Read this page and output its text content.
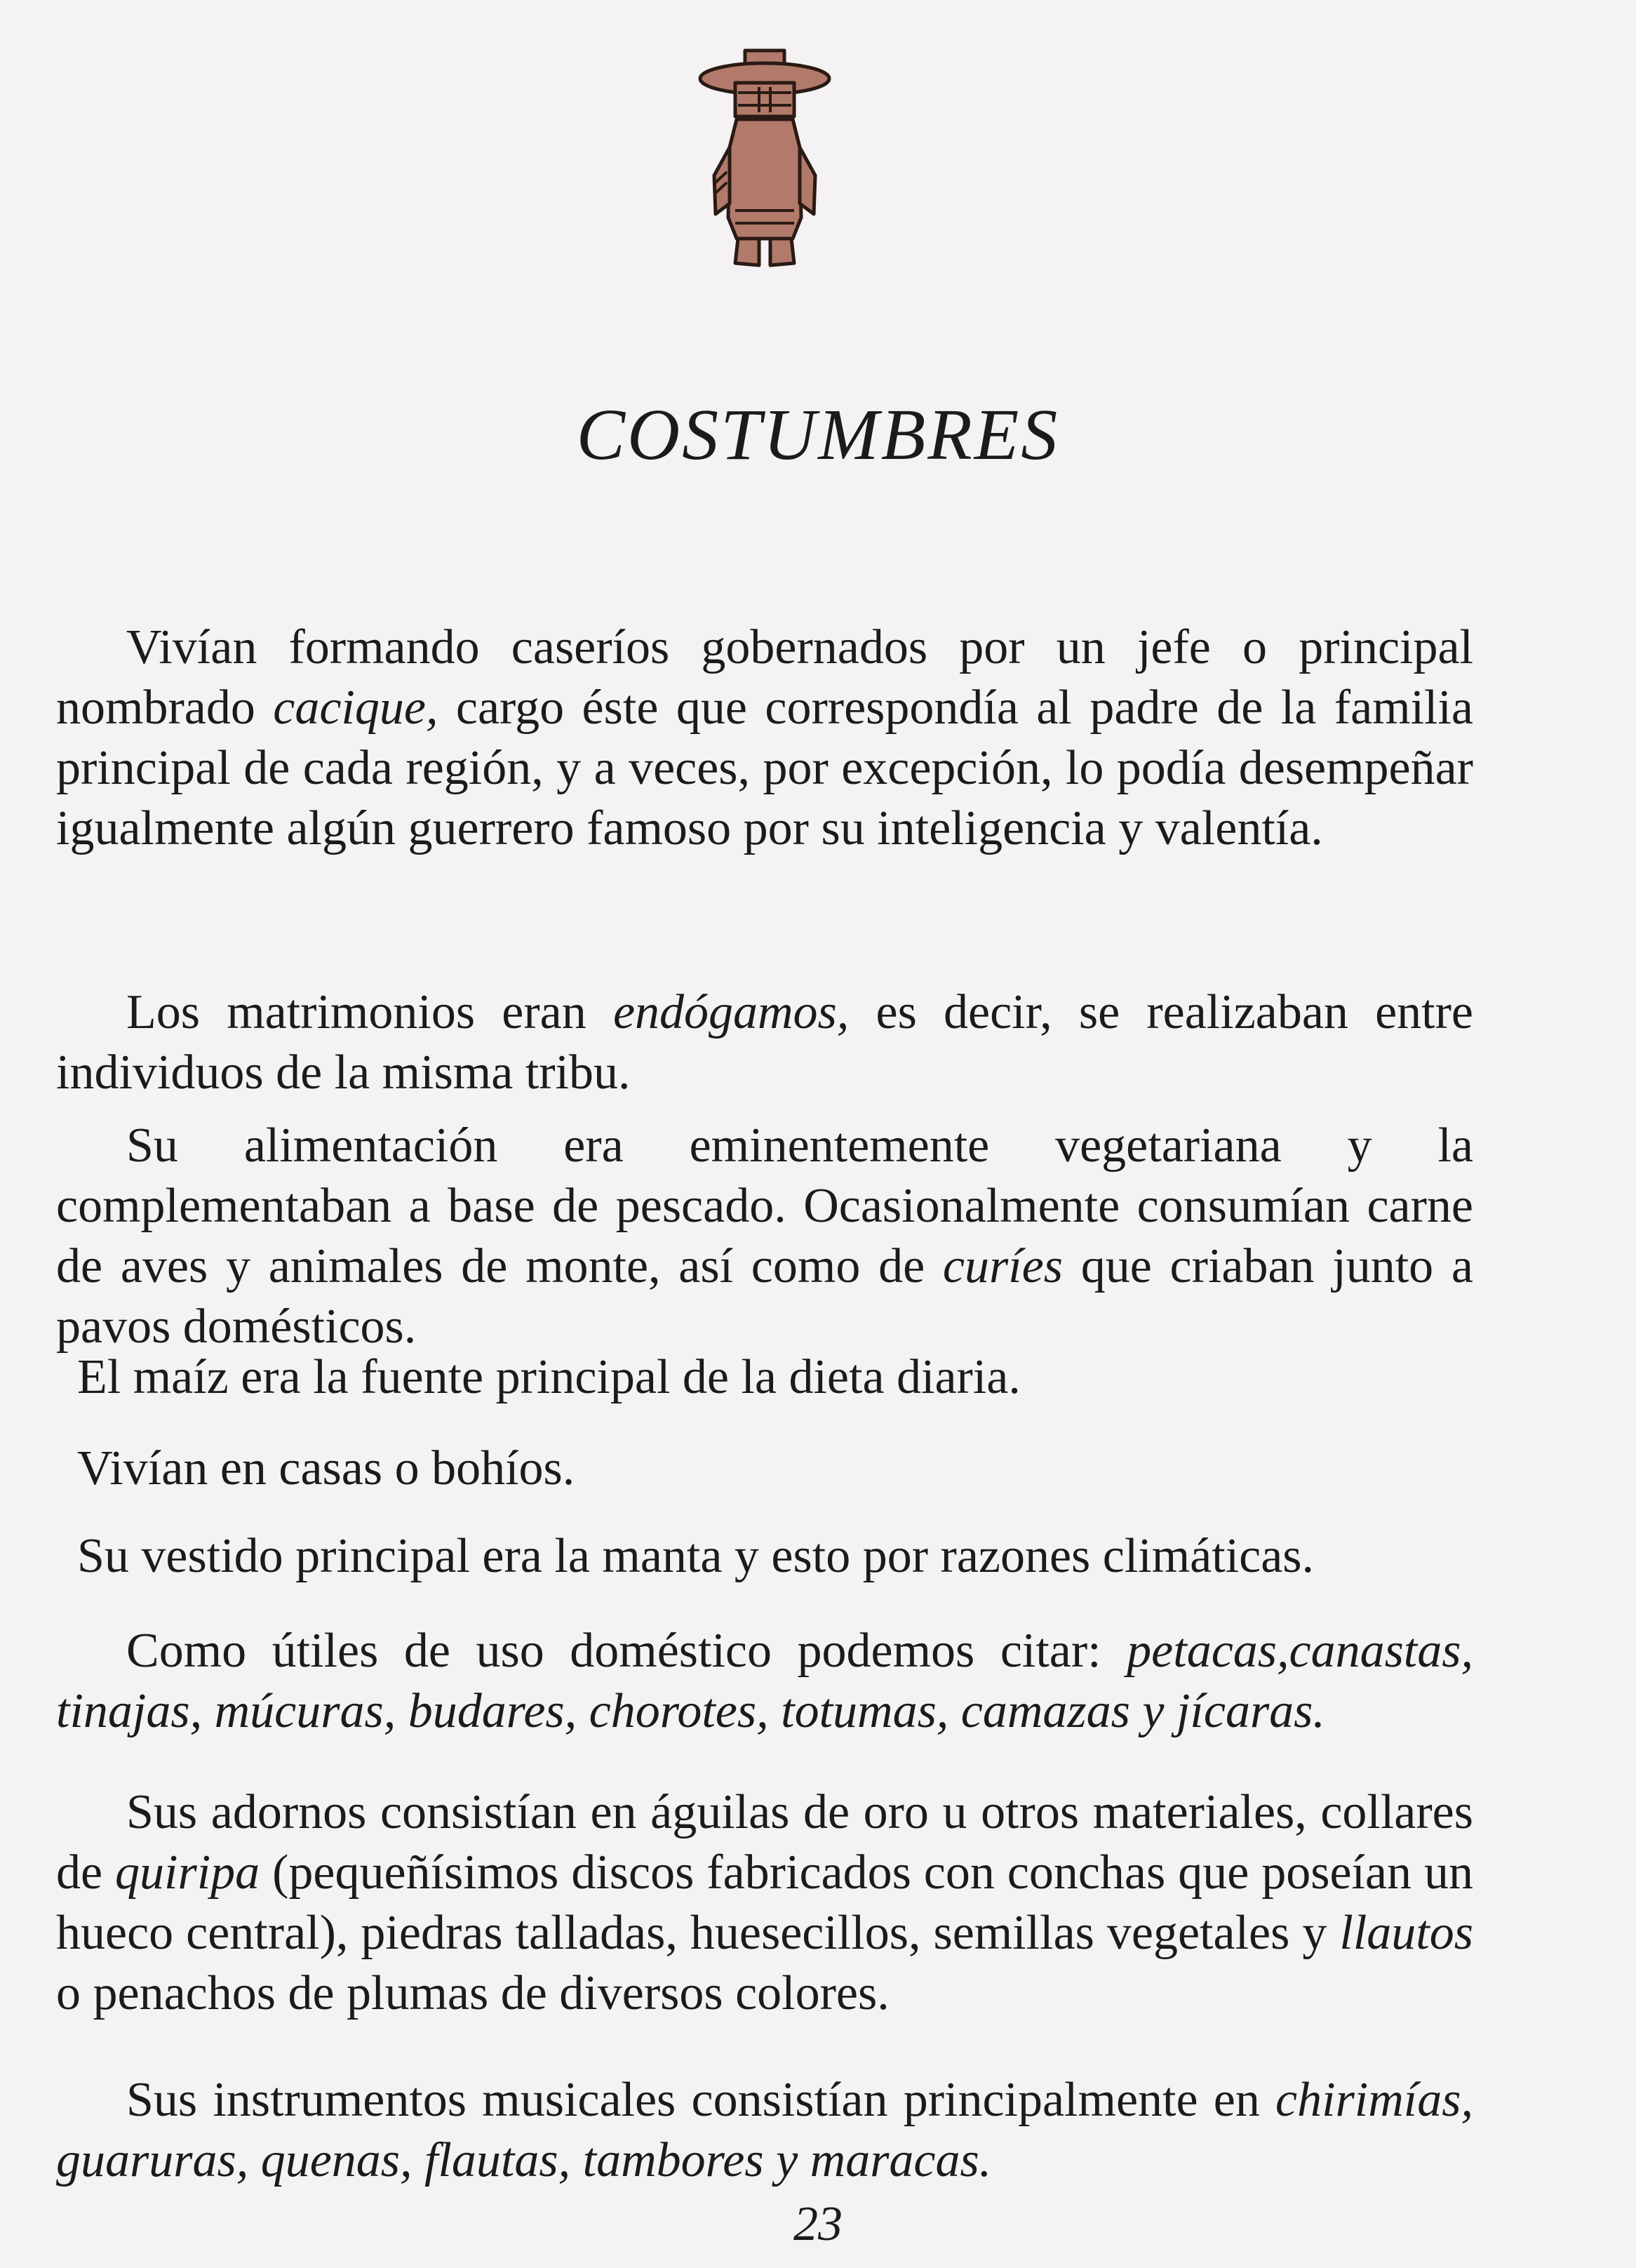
COSTUMBRES

Vivían formando caseríos gobernados por un jefe o principal nombrado cacique, cargo éste que correspondía al padre de la familia principal de cada región, y a veces, por excepción, lo podía desempeñar igualmente algún guerrero famoso por su inteligencia y valentía.

Los matrimonios eran endógamos, es decir, se realizaban entre individuos de la misma tribu.

Su alimentación era eminentemente vegetariana y la complementaban a base de pescado. Ocasionalmente consumían carne de aves y animales de monte, así como de curíes que criaban junto a pavos domésticos.

El maíz era la fuente principal de la dieta diaria.
Vivían en casas o bohíos.
Su vestido principal era la manta y esto por razones climáticas.

Como útiles de uso doméstico podemos citar: petacas,canastas, tinajas, múcuras, budares, chorotes, totumas, camazas y jícaras.

Sus adornos consistían en águilas de oro u otros materiales, collares de quiripa (pequeñísimos discos fabricados con conchas que poseían un hueco central), piedras talladas, huesecillos, semillas vegetales y llautos o penachos de plumas de diversos colores.

Sus instrumentos musicales consistían principalmente en chirimías, guaruras, quenas, flautas, tambores y maracas.

23
